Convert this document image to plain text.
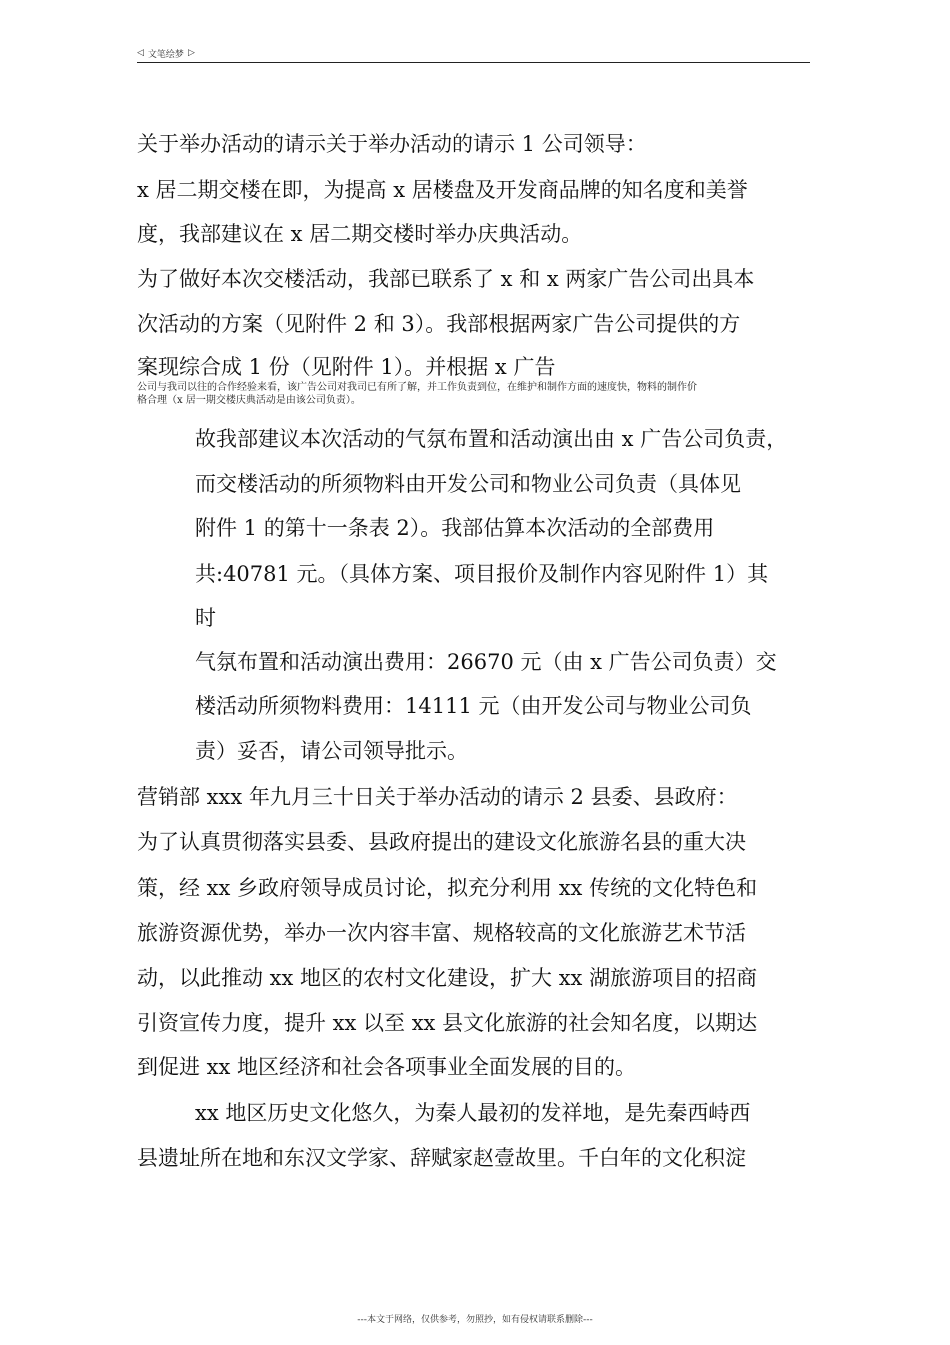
◁ 文笔绘梦 ▷
关于举办活动的请示关于举办活动的请示 1 公司领导：
x 居二期交楼在即，为提高 x 居楼盘及开发商品牌的知名度和美誉
度，我部建议在 x 居二期交楼时举办庆典活动。
为了做好本次交楼活动，我部已联系了 x 和 x 两家广告公司出具本
次活动的方案（见附件 2 和 3）。我部根据两家广告公司提供的方
案现综合成 1 份（见附件 1）。并根据 x 广告
公司与我司以往的合作经验来看，该广告公司对我司已有所了解，并工作负责到位，在维护和制作方面的速度快，物料的制作价
格合理（x 居一期交楼庆典活动是由该公司负责）。
故我部建议本次活动的气氛布置和活动演出由 x 广告公司负责，
而交楼活动的所须物料由开发公司和物业公司负责（具体见
附件 1 的第十一条表 2）。我部估算本次活动的全部费用
共:40781 元。（具体方案、项目报价及制作内容见附件 1）其
时
气氛布置和活动演出费用：26670 元（由 x 广告公司负责）交
楼活动所须物料费用：14111 元（由开发公司与物业公司负
责）妥否，请公司领导批示。
营销部 xxx 年九月三十日关于举办活动的请示 2 县委、县政府：
为了认真贯彻落实县委、县政府提出的建设文化旅游名县的重大决
策，经 xx 乡政府领导成员讨论，拟充分利用 xx 传统的文化特色和
旅游资源优势，举办一次内容丰富、规格较高的文化旅游艺术节活
动，以此推动 xx 地区的农村文化建设，扩大 xx 湖旅游项目的招商
引资宣传力度，提升 xx 以至 xx 县文化旅游的社会知名度，以期达
到促进 xx 地区经济和社会各项事业全面发展的目的。
xx 地区历史文化悠久，为秦人最初的发祥地，是先秦西峙西
县遗址所在地和东汉文学家、辞赋家赵壹故里。千白年的文化积淀
---本文于网络，仅供参考，勿照抄，如有侵权请联系删除---
